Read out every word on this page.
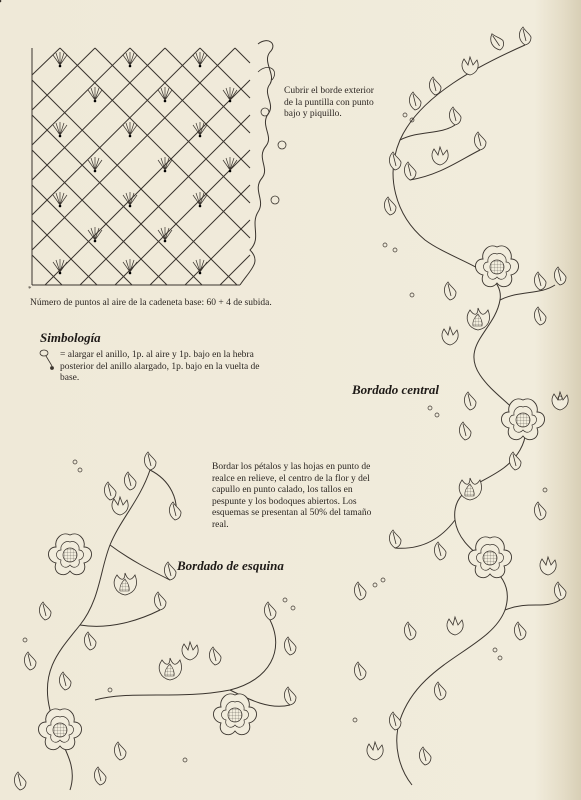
*
Cubrir el borde exterior de la puntilla con punto bajo y piquillo.
Número de puntos al aire de la cadeneta base: 60 + 4 de subida.
Simbología
= alargar el anillo, 1p. al aire y 1p. bajo en la hebra posterior del anillo alargado, 1p. bajo en la vuelta de base.
Bordado central
Bordar los pétalos y las hojas en punto de realce en relieve, el centro de la flor y del capullo en punto calado, los tallos en pespunte y los bodoques abiertos. Los esquemas se presentan al 50% del tamaño real.
Bordado de esquina
